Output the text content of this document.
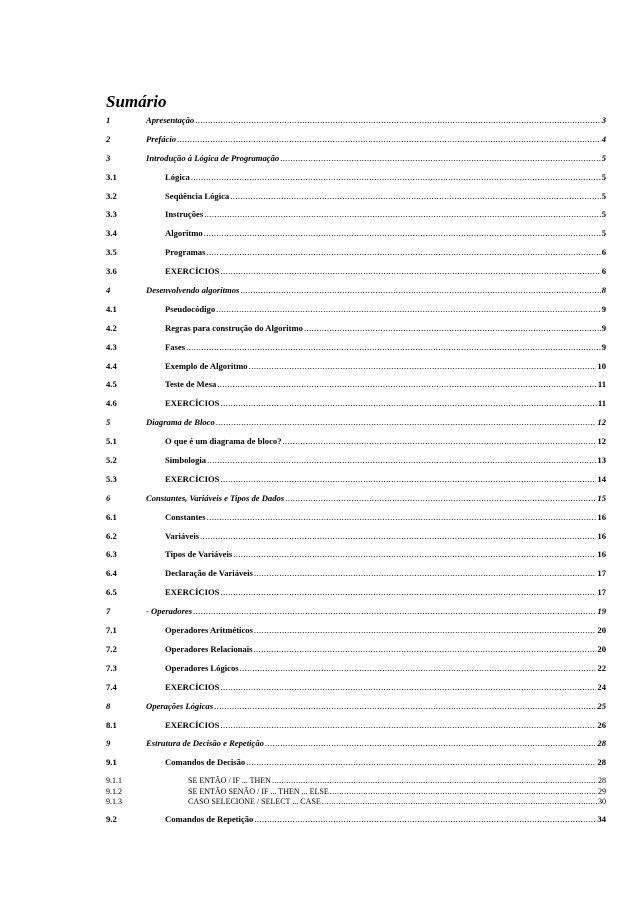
Sumário
1	Apresentação .....	3
2	Prefácio .....	4
3	Introdução à Lógica de Programação .....	5
3.1	Lógica .....	5
3.2	Seqüência Lógica .....	5
3.3	Instruções .....	5
3.4	Algoritmo .....	5
3.5	Programas .....	6
3.6	EXERCÍCIOS .....	6
4	Desenvolvendo algoritmos .....	8
4.1	Pseudocódigo .....	9
4.2	Regras para construção do Algoritmo .....	9
4.3	Fases .....	9
4.4	Exemplo de Algoritmo .....	10
4.5	Teste de Mesa .....	11
4.6	EXERCÍCIOS .....	11
5	Diagrama de Bloco .....	12
5.1	O que é um diagrama de bloco? .....	12
5.2	Simbologia .....	13
5.3	EXERCÍCIOS .....	14
6	Constantes, Variáveis e Tipos de Dados .....	15
6.1	Constantes .....	16
6.2	Variáveis .....	16
6.3	Tipos de Variáveis .....	16
6.4	Declaração de Variáveis .....	17
6.5	EXERCÍCIOS .....	17
7	- Operadores .....	19
7.1	Operadores Aritméticos .....	20
7.2	Operadores Relacionais .....	20
7.3	Operadores Lógicos .....	22
7.4	EXERCÍCIOS .....	24
8	Operações Lógicas .....	25
8.1	EXERCÍCIOS .....	26
9	Estrutura de Decisão e Repetição .....	28
9.1	Comandos de Decisão .....	28
9.1.1	SE ENTÃO / IF ... THEN .....	28
9.1.2	SE ENTÃO SENÃO / IF ... THEN ... ELSE .....	29
9.1.3	CASO SELECIONE / SELECT ... CASE .....	30
9.2	Comandos de Repetição .....	34
